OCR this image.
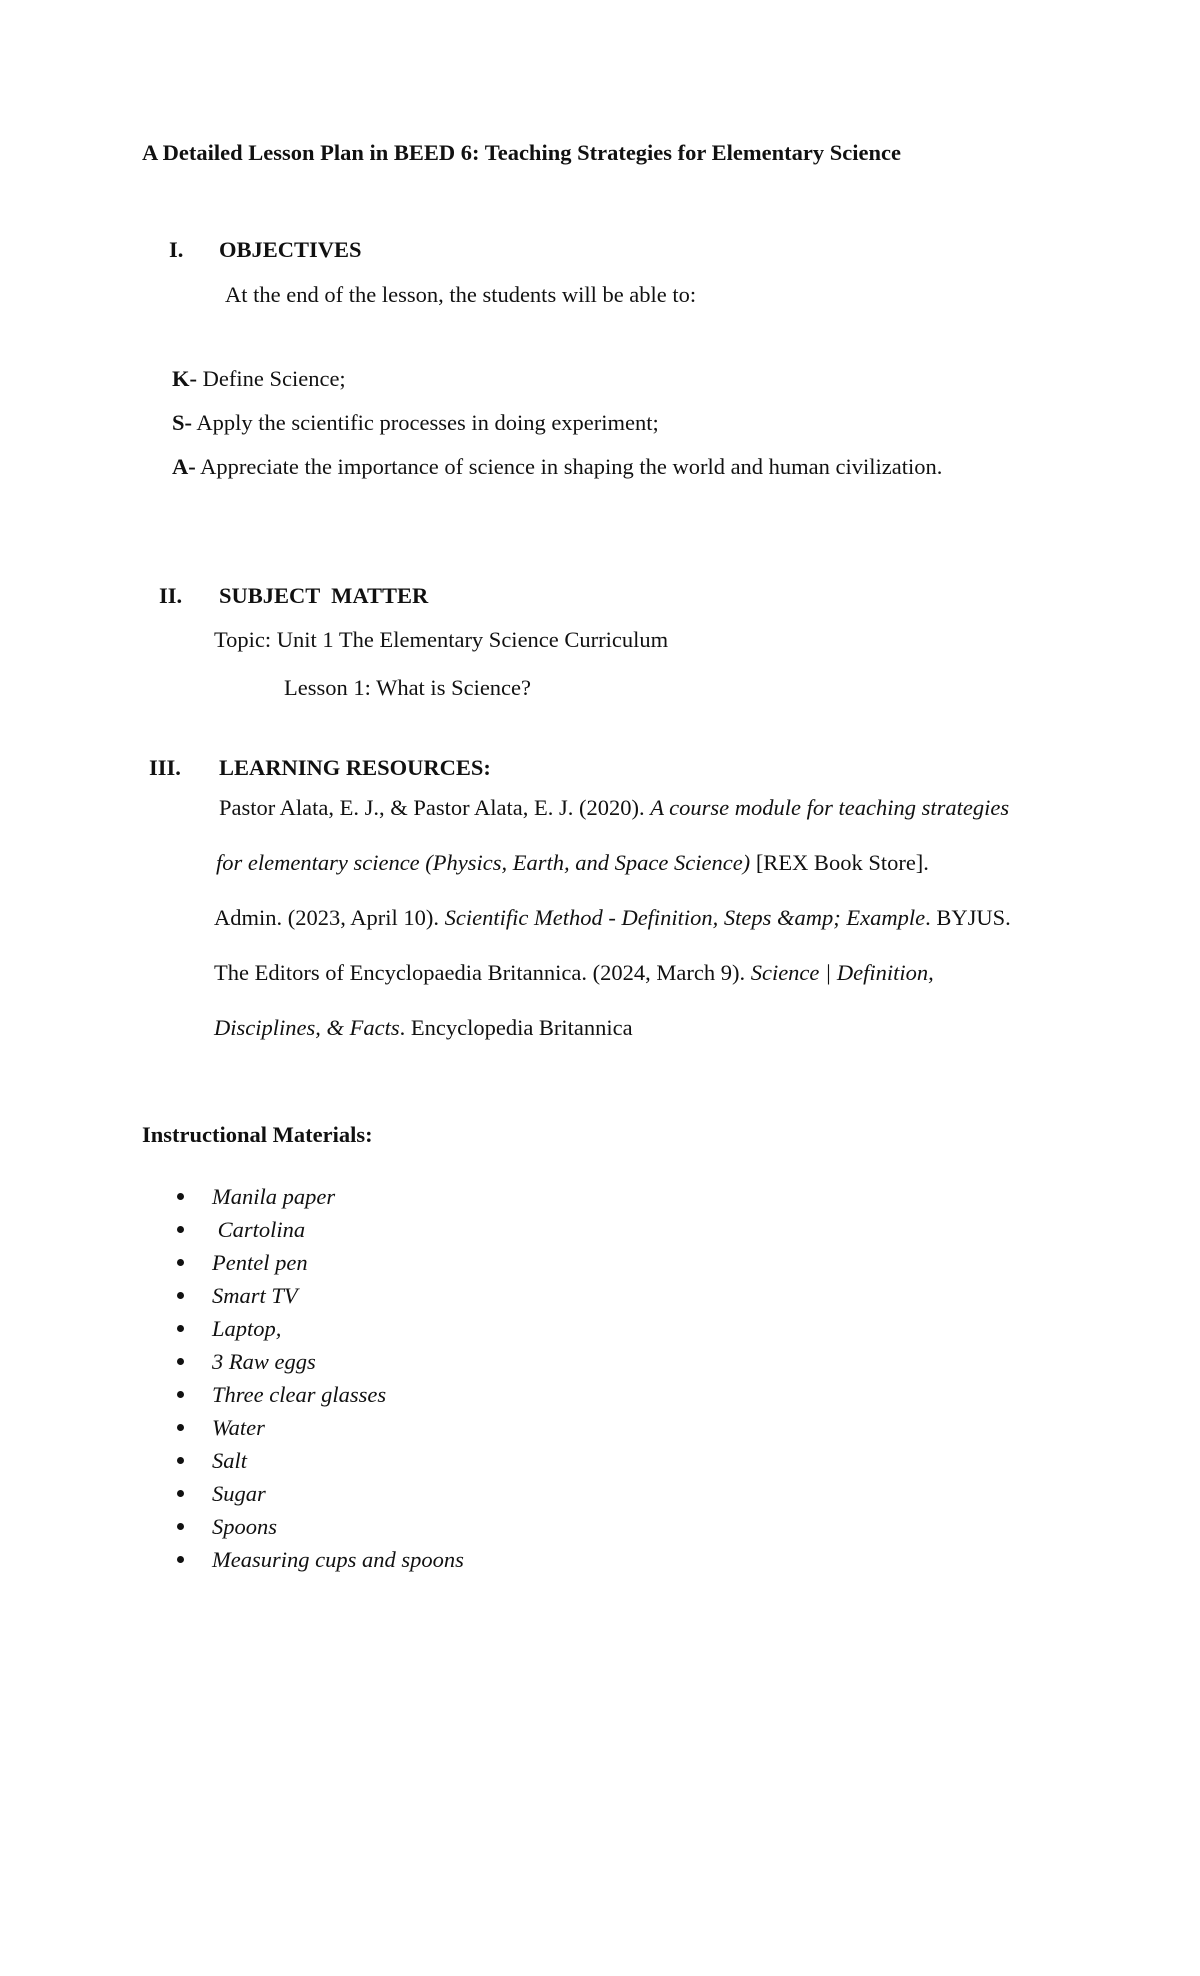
A Detailed Lesson Plan in BEED 6: Teaching Strategies for Elementary Science
I. OBJECTIVES
At the end of the lesson, the students will be able to:
K- Define Science;
S- Apply the scientific processes in doing experiment;
A- Appreciate the importance of science in shaping the world and human civilization.
II. SUBJECT  MATTER
Topic: Unit 1 The Elementary Science Curriculum
Lesson 1: What is Science?
III. LEARNING RESOURCES:
Pastor Alata, E. J., & Pastor Alata, E. J. (2020). A course module for teaching strategies
for elementary science (Physics, Earth, and Space Science) [REX Book Store].
Admin. (2023, April 10). Scientific Method - Definition, Steps &amp; Example. BYJUS.
The Editors of Encyclopaedia Britannica. (2024, March 9). Science | Definition,
Disciplines, & Facts. Encyclopedia Britannica
Instructional Materials:
Manila paper
Cartolina
Pentel pen
Smart TV
Laptop,
3 Raw eggs
Three clear glasses
Water
Salt
Sugar
Spoons
Measuring cups and spoons
